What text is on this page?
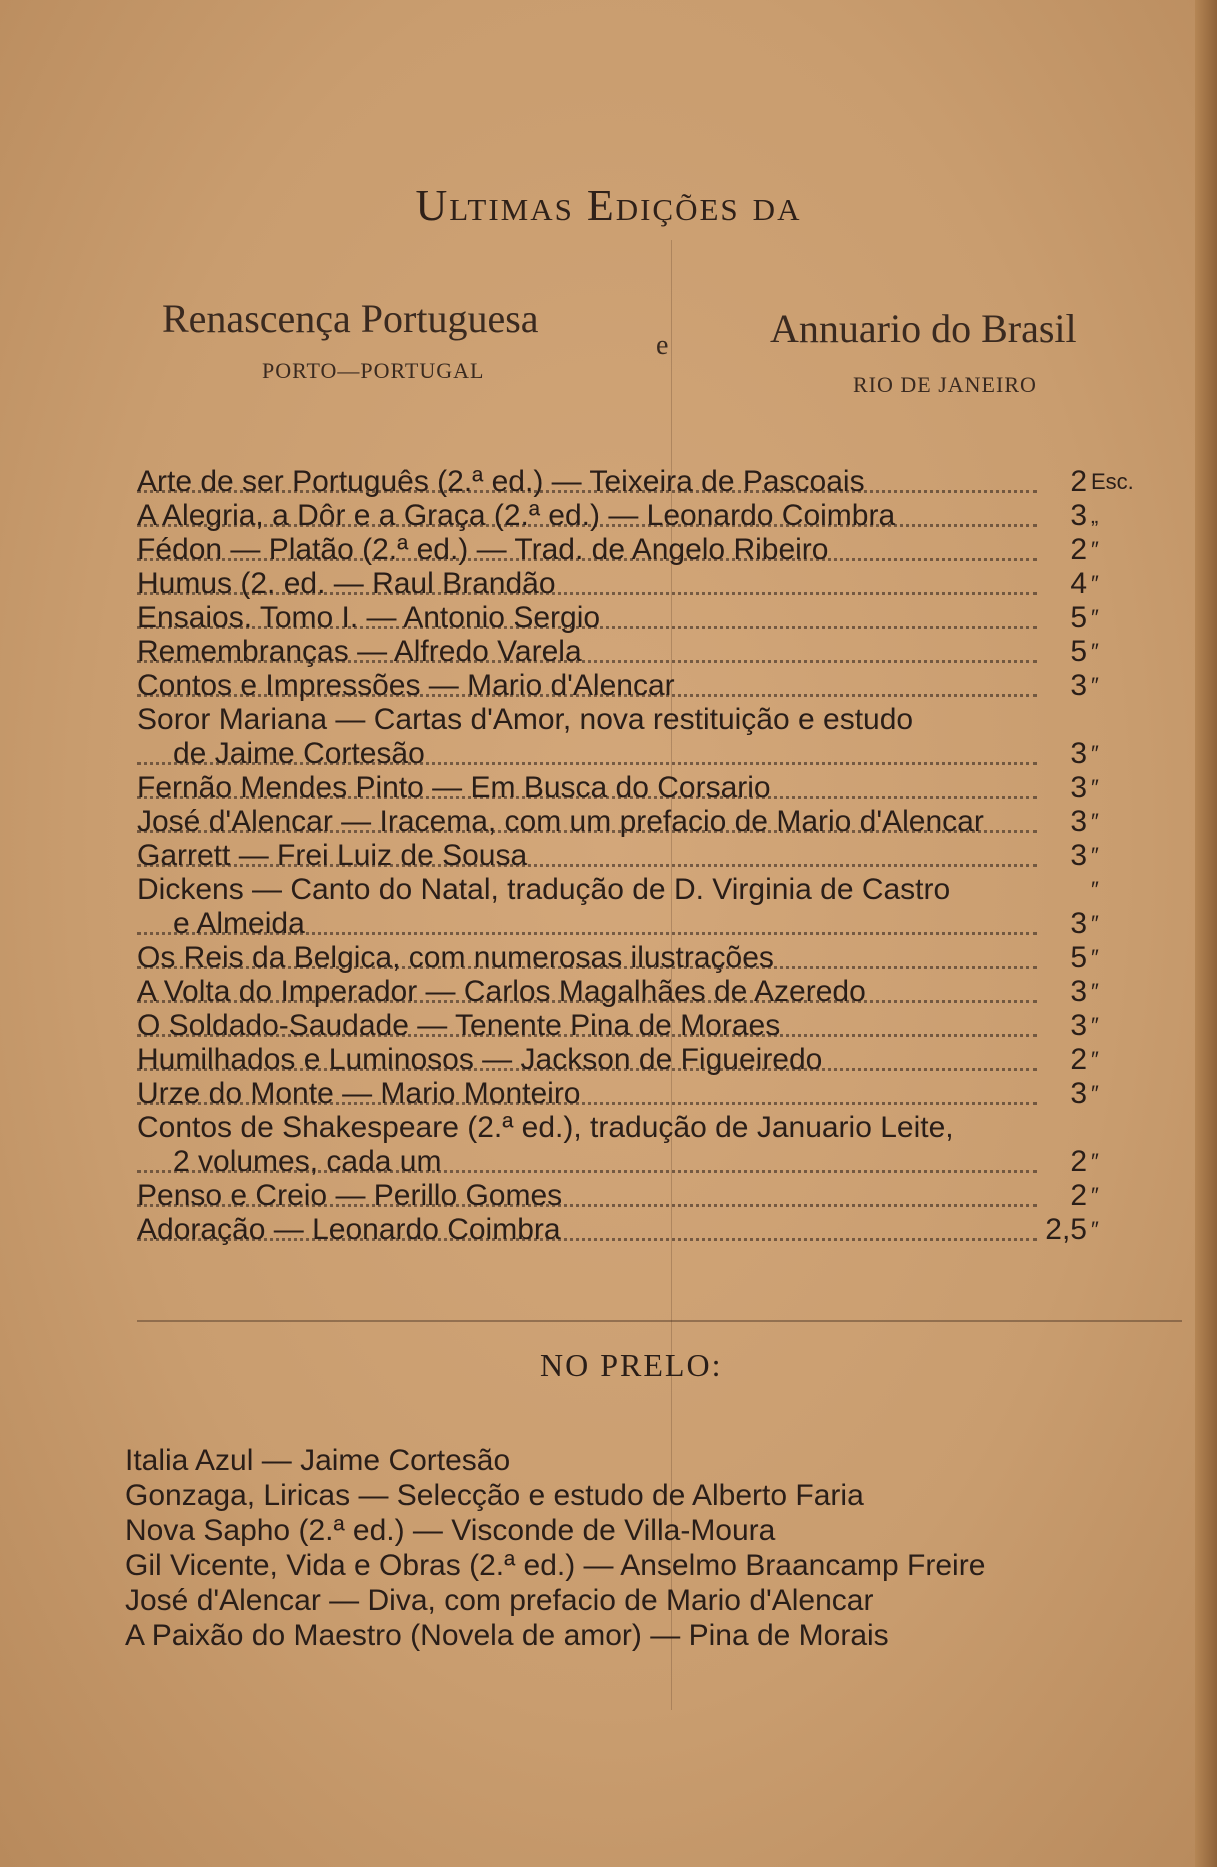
Ultimas Edições da
Renascença Portuguesa
PORTO—PORTUGAL
e	Annuario do Brasil
RIO DE JANEIRO
Arte de ser Português (2.ª ed.) — Teixeira de Pascoais	2 Esc.
A Alegria, a Dôr e a Graça (2.ª ed.) — Leonardo Coimbra	3 „
Fédon — Platão (2.ª ed.) — Trad. de Angelo Ribeiro	2 ″
Humus (2. ed. — Raul Brandão	4 ″
Ensaios. Tomo I. — Antonio Sergio	5 ″
Remembranças — Alfredo Varela	5 ″
Contos e Impressões — Mario d'Alencar	3 ″
Soror Mariana — Cartas d'Amor, nova restituição e estudo
de Jaime Cortesão	3 ″
Fernão Mendes Pinto — Em Busca do Corsario	3 ″
José d'Alencar — Iracema, com um prefacio de Mario d'Alencar	3 ″
Garrett — Frei Luiz de Sousa	3 ″
Dickens — Canto do Natal, tradução de D. Virginia de Castro	″
e Almeida	3 ″
Os Reis da Belgica, com numerosas ilustrações	5 ″
A Volta do Imperador — Carlos Magalhães de Azeredo	3 ″
O Soldado-Saudade — Tenente Pina de Moraes	3 ″
Humilhados e Luminosos — Jackson de Figueiredo	2 ″
Urze do Monte — Mario Monteiro	3 ″
Contos de Shakespeare (2.ª ed.), tradução de Januario Leite,
2 volumes, cada um	2 ″
Penso e Creio — Perillo Gomes	2 ″
Adoração — Leonardo Coimbra	2,5 ″
NO PRELO:
Italia Azul — Jaime Cortesão
Gonzaga, Liricas — Selecção e estudo de Alberto Faria
Nova Sapho (2.ª ed.) — Visconde de Villa-Moura
Gil Vicente, Vida e Obras (2.ª ed.) — Anselmo Braancamp Freire
José d'Alencar — Diva, com prefacio de Mario d'Alencar
A Paixão do Maestro (Novela de amor) — Pina de Morais
